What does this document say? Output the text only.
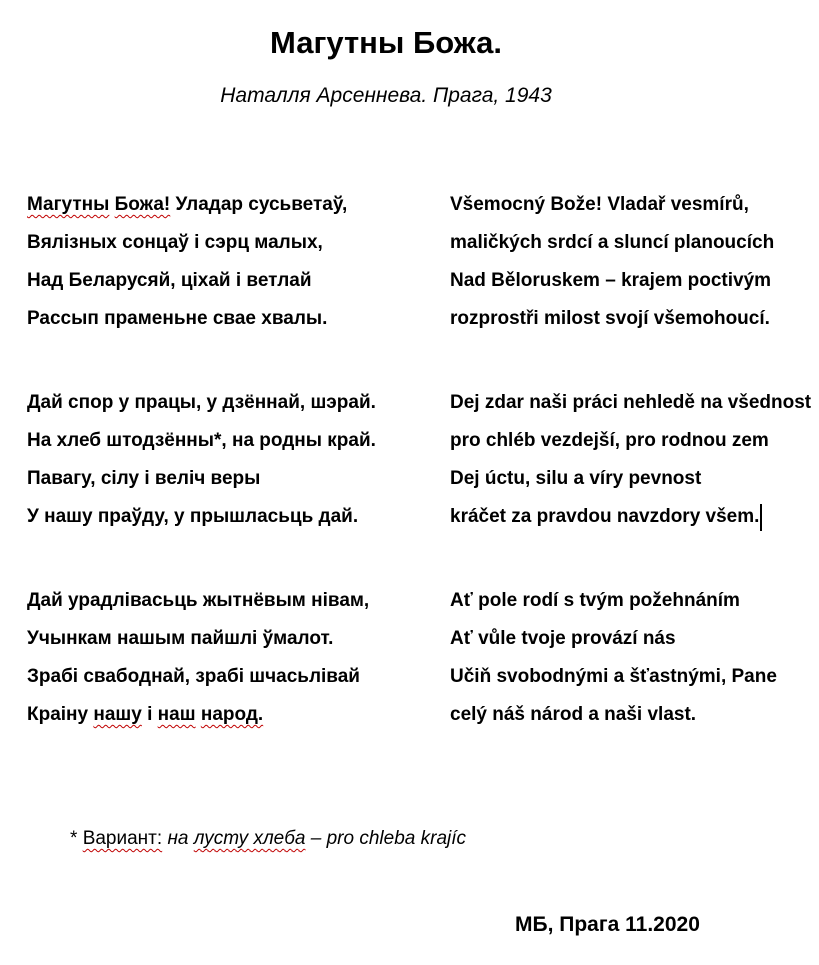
Магутны Божа.
Наталля Арсеннева. Прага, 1943
Магутны Божа! Уладар сусьветаў,
Вялізных сонцаў і сэрц малых,
Над Беларусяй, ціхай і ветлай
Рассып праменьне свае хвалы.
Дай спор у працы, у дзённай, шэрай.
На хлеб штодзённы*, на родны край.
Павагу, сілу і веліч веры
У нашу праўду, у прышласьць дай.
Дай урадлівасьць жытнёвым нівам,
Учынкам нашым пайшлі ўмалот.
Зрабі свабоднай, зрабі шчасьлівай
Краіну нашу і наш народ.
Všemocný Bože! Vladař vesmírů,
maličkých srdcí a sluncí planoucích
Nad Běloruskem – krajem poctivým
rozprostři milost svojí všemohoucí.
Dej zdar naši práci nehledě na všednost
pro chléb vezdejší, pro rodnou zem
Dej úctu, silu a víry pevnost
kráčet za pravdou navzdory všem.
Ať pole rodí s tvým požehnáním
Ať vůle tvoje provází nás
Učiň svobodnými a šťastnými, Pane
celý náš národ a naši vlast.
* Вариант: на лусту хлеба – pro chleba krajíc
МБ, Прага 11.2020
